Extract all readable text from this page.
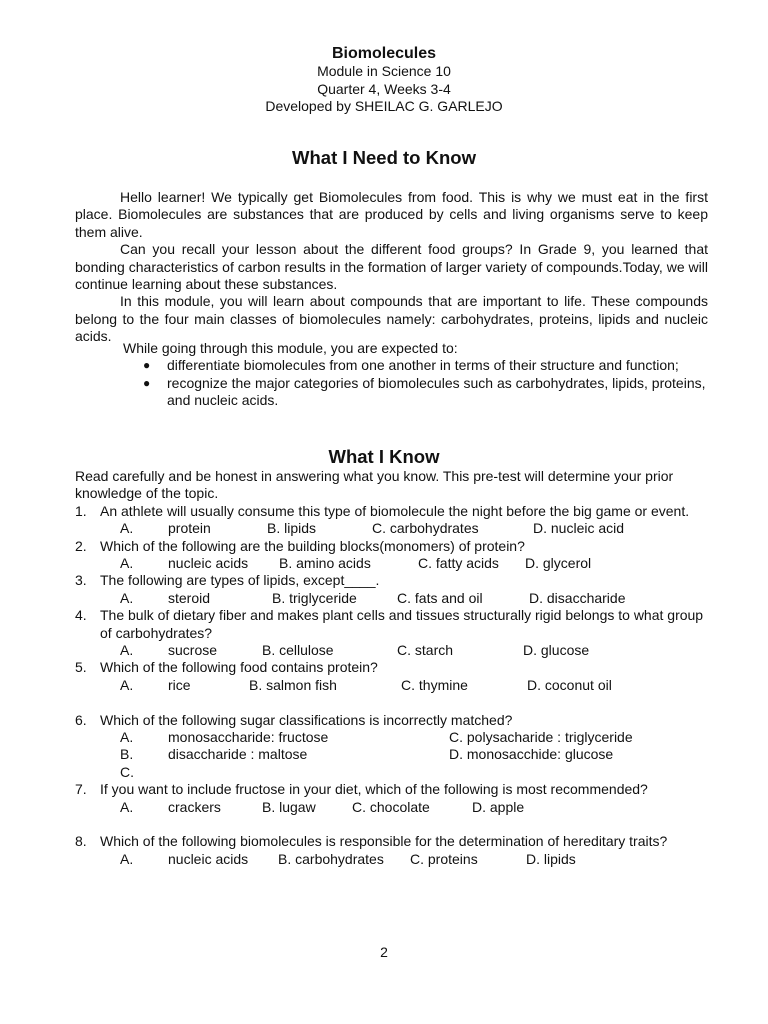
Biomolecules
Module in Science 10
Quarter 4, Weeks 3-4
Developed by SHEILAC G. GARLEJO
What I Need to Know

Hello learner! We typically get Biomolecules from food. This is why we must eat in the first place. Biomolecules are substances that are produced by cells and living organisms serve to keep them alive.

Can you recall your lesson about the different food groups? In Grade 9, you learned that bonding characteristics of carbon results in the formation of larger variety of compounds.Today, we will continue learning about these substances.

In this module, you will learn about compounds that are important to life. These compounds belong to the four main classes of biomolecules namely: carbohydrates, proteins, lipids and nucleic acids.

While going through this module, you are expected to:
● differentiate biomolecules from one another in terms of their structure and function;
● recognize the major categories of biomolecules such as carbohydrates, lipids, proteins, and nucleic acids.
What I Know
Read carefully and be honest in answering what you know. This pre-test will determine your prior knowledge of the topic.
1. An athlete will usually consume this type of biomolecule the night before the big game or event.
A. protein	B. lipids	C. carbohydrates	D. nucleic acid
2. Which of the following are the building blocks(monomers) of protein?
A. nucleic acids B. amino acids	C. fatty acids D. glycerol
3. The following are types of lipids, except____.
A. steroid	B. triglyceride	C. fats and oil	D. disaccharide
4. The bulk of dietary fiber and makes plant cells and tissues structurally rigid belongs to what group of carbohydrates?
A. sucrose	B. cellulose	C. starch	D. glucose
5. Which of the following food contains protein?
A. rice	B. salmon fish	C. thymine	D. coconut oil
6. Which of the following sugar classifications is incorrectly matched?
A. monosaccharide: fructose	C. polysacharide : triglyceride
B. disaccharide : maltose	D. monosacchide: glucose
C.
7. If you want to include fructose in your diet, which of the following is most recommended?
A. crackers	B. lugaw	C. chocolate	D. apple
8. Which of the following biomolecules is responsible for the determination of hereditary traits?
A. nucleic acids B. carbohydrates C. proteins	D. lipids
2
